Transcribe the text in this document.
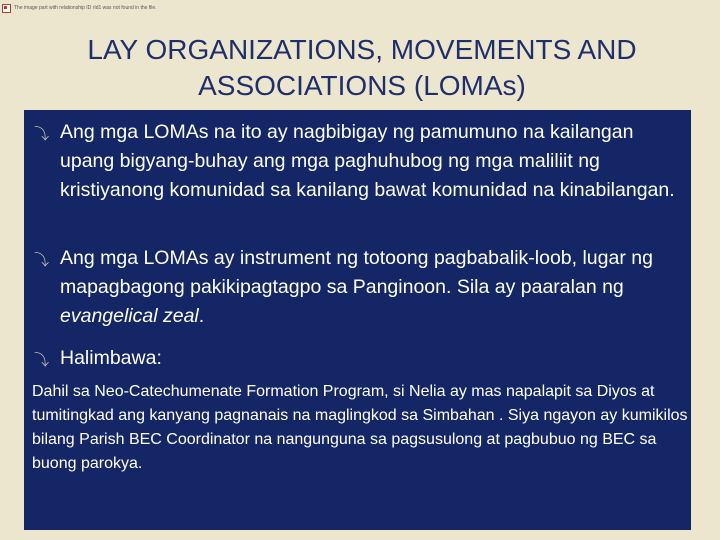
The image part with relationship ID rId1 was not found in the file.
LAY ORGANIZATIONS, MOVEMENTS AND
ASSOCIATIONS (LOMAs)
⤵ Ang mga LOMAs na ito ay nagbibigay ng pamumuno na kailangan upang bigyang-buhay ang mga paghuhubog ng mga maliliit ng kristiyanong komunidad sa kanilang bawat komunidad na kinabilangan.
⤵ Ang mga LOMAs ay instrument ng totoong pagbabalik-loob, lugar ng mapagbagong pakikipagtagpo sa Panginoon. Sila ay paaralan ng evangelical zeal.
⤵ Halimbawa:
Dahil sa Neo-Catechumenate Formation Program, si Nelia ay mas napalapit sa Diyos at tumitingkad ang kanyang pagnanais na maglingkod sa Simbahan . Siya ngayon ay kumikilos bilang Parish BEC Coordinator na nangunguna sa pagsusulong at pagbubuo ng BEC sa buong parokya.
